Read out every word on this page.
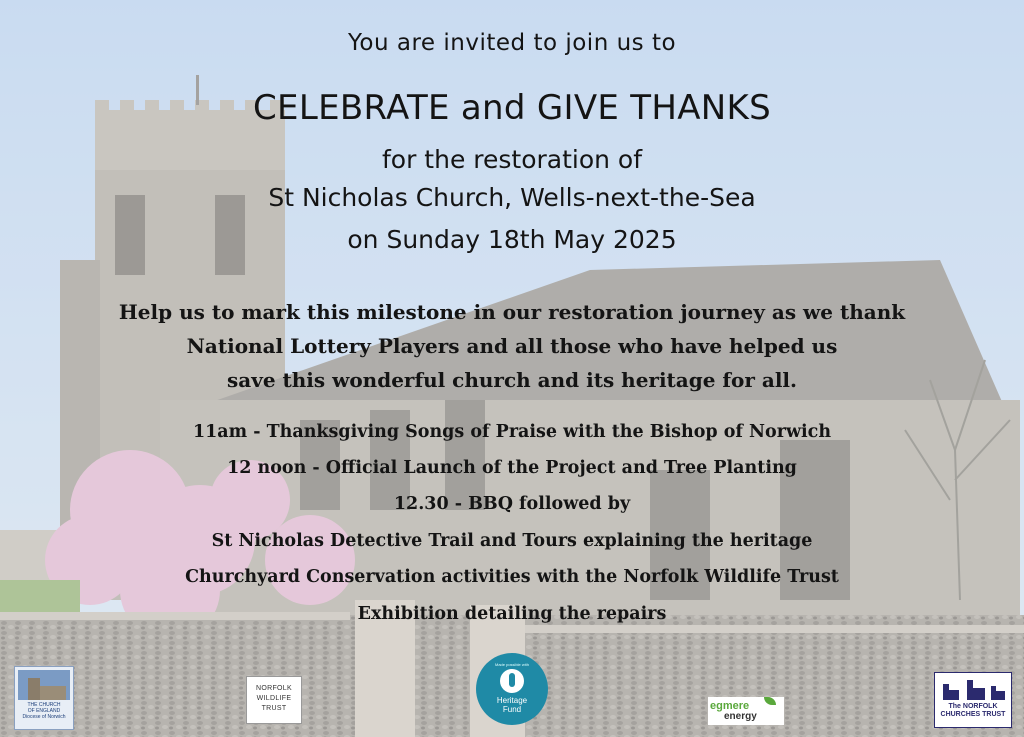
You are invited to join us to
CELEBRATE and GIVE THANKS
for the restoration of
St Nicholas Church, Wells-next-the-Sea
on Sunday 18th May 2025
Help us to mark this milestone in our restoration journey as we thank
National Lottery Players and all those who have helped us
save this wonderful church and its heritage for all.
11am - Thanksgiving Songs of Praise with the Bishop of Norwich
12 noon - Official Launch of the Project and Tree Planting
12.30 - BBQ followed by
St Nicholas Detective Trail and Tours explaining the heritage
Churchyard Conservation activities with the Norfolk Wildlife Trust
Exhibition detailing the repairs
THE CHURCH
OF ENGLAND
Diocese of Norwich
NORFOLK
WILDLIFE
TRUST
Made possible with
Heritage
Fund	egmere
energy
The NORFOLK
CHURCHES TRUST
